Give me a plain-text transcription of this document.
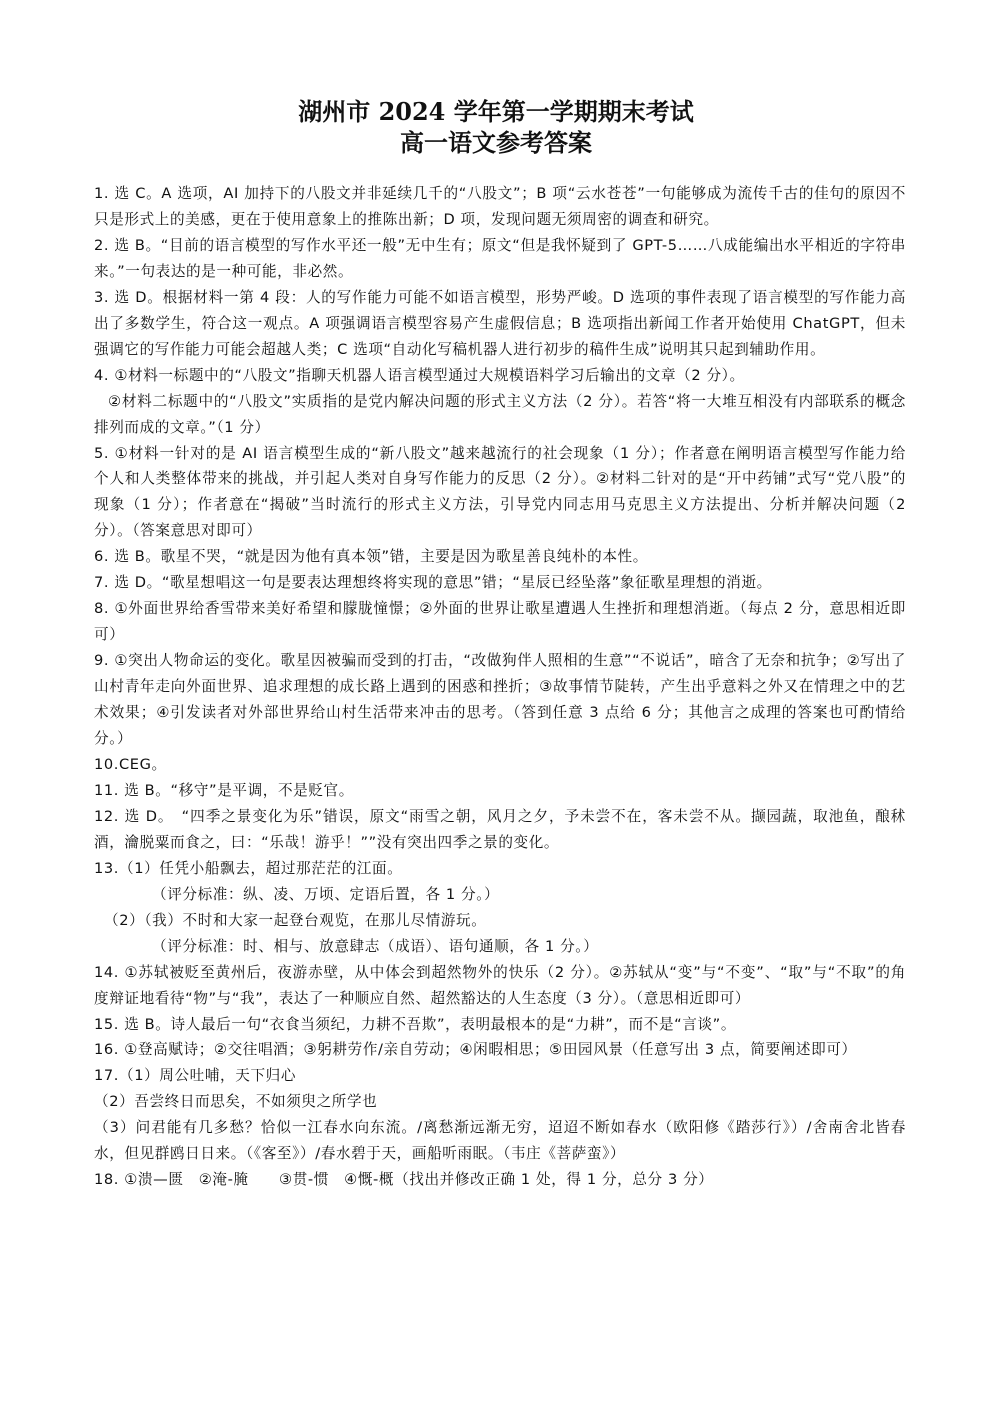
湖州市 2024 学年第一学期期末考试
高一语文参考答案

1. 选 C。A 选项，AI 加持下的八股文并非延续几千的“八股文”；B 项“云水苍苍”一句能够成为流传千古的佳句的原因不只是形式上的美感，更在于使用意象上的推陈出新；D 项，发现问题无须周密的调查和研究。

2. 选 B。“目前的语言模型的写作水平还一般”无中生有；原文“但是我怀疑到了 GPT-5……八成能编出水平相近的字符串来。”一句表达的是一种可能，非必然。

3. 选 D。根据材料一第 4 段：人的写作能力可能不如语言模型，形势严峻。D 选项的事件表现了语言模型的写作能力高出了多数学生，符合这一观点。A 项强调语言模型容易产生虚假信息；B 选项指出新闻工作者开始使用 ChatGPT，但未强调它的写作能力可能会超越人类；C 选项“自动化写稿机器人进行初步的稿件生成”说明其只起到辅助作用。

4. ①材料一标题中的“八股文”指聊天机器人语言模型通过大规模语料学习后输出的文章（2 分）。

②材料二标题中的“八股文”实质指的是党内解决问题的形式主义方法（2 分）。若答“将一大堆互相没有内部联系的概念排列而成的文章。”（1 分）

5. ①材料一针对的是 AI 语言模型生成的“新八股文”越来越流行的社会现象（1 分）；作者意在阐明语言模型写作能力给个人和人类整体带来的挑战，并引起人类对自身写作能力的反思（2 分）。②材料二针对的是“开中药铺”式写“党八股”的现象（1 分）；作者意在“揭破”当时流行的形式主义方法，引导党内同志用马克思主义方法提出、分析并解决问题（2 分）。（答案意思对即可）

6. 选 B。歌星不哭，“就是因为他有真本领”错，主要是因为歌星善良纯朴的本性。

7. 选 D。“歌星想唱这一句是要表达理想终将实现的意思”错；“星辰已经坠落”象征歌星理想的消逝。

8. ①外面世界给香雪带来美好希望和朦胧憧憬；②外面的世界让歌星遭遇人生挫折和理想消逝。（每点 2 分，意思相近即可）

9. ①突出人物命运的变化。歌星因被骗而受到的打击，“改做狗伴人照相的生意”“不说话”，暗含了无奈和抗争；②写出了山村青年走向外面世界、追求理想的成长路上遇到的困惑和挫折；③故事情节陡转，产生出乎意料之外又在情理之中的艺术效果；④引发读者对外部世界给山村生活带来冲击的思考。（答到任意 3 点给 6 分；其他言之成理的答案也可酌情给分。）

10.CEG。

11. 选 B。“移守”是平调，不是贬官。

12. 选 D。　“四季之景变化为乐”错误，原文“雨雪之朝，风月之夕，予未尝不在，客未尝不从。撷园蔬，取池鱼，酿秫酒，瀹脱粟而食之，曰：“乐哉！游乎！””没有突出四季之景的变化。

13.（1）任凭小船飘去，超过那茫茫的江面。

（评分标准：纵、凌、万顷、定语后置，各 1 分。）

（2）（我）不时和大家一起登台观览，在那儿尽情游玩。

（评分标准：时、相与、放意肆志（成语）、语句通顺，各 1 分。）

14. ①苏轼被贬至黄州后，夜游赤壁，从中体会到超然物外的快乐（2 分）。②苏轼从“变”与“不变”、“取”与“不取”的角度辩证地看待“物”与“我”，表达了一种顺应自然、超然豁达的人生态度（3 分）。（意思相近即可）

15. 选 B。诗人最后一句“衣食当须纪，力耕不吾欺”，表明最根本的是“力耕”，而不是“言谈”。

16. ①登高赋诗；②交往唱酒；③躬耕劳作/亲自劳动；④闲暇相思；⑤田园风景（任意写出 3 点，简要阐述即可）

17.（1）周公吐哺，天下归心

（2）吾尝终日而思矣，不如须臾之所学也

（3）问君能有几多愁？恰似一江春水向东流。/离愁渐远渐无穷，迢迢不断如春水（欧阳修《踏莎行》）/舍南舍北皆春水，但见群鸥日日来。（《客至》）/春水碧于天，画船听雨眠。（韦庄《菩萨蛮》）

18. ①溃—匮　②淹-腌　　③贯-惯　④慨-概（找出并修改正确 1 处，得 1 分，总分 3 分）
